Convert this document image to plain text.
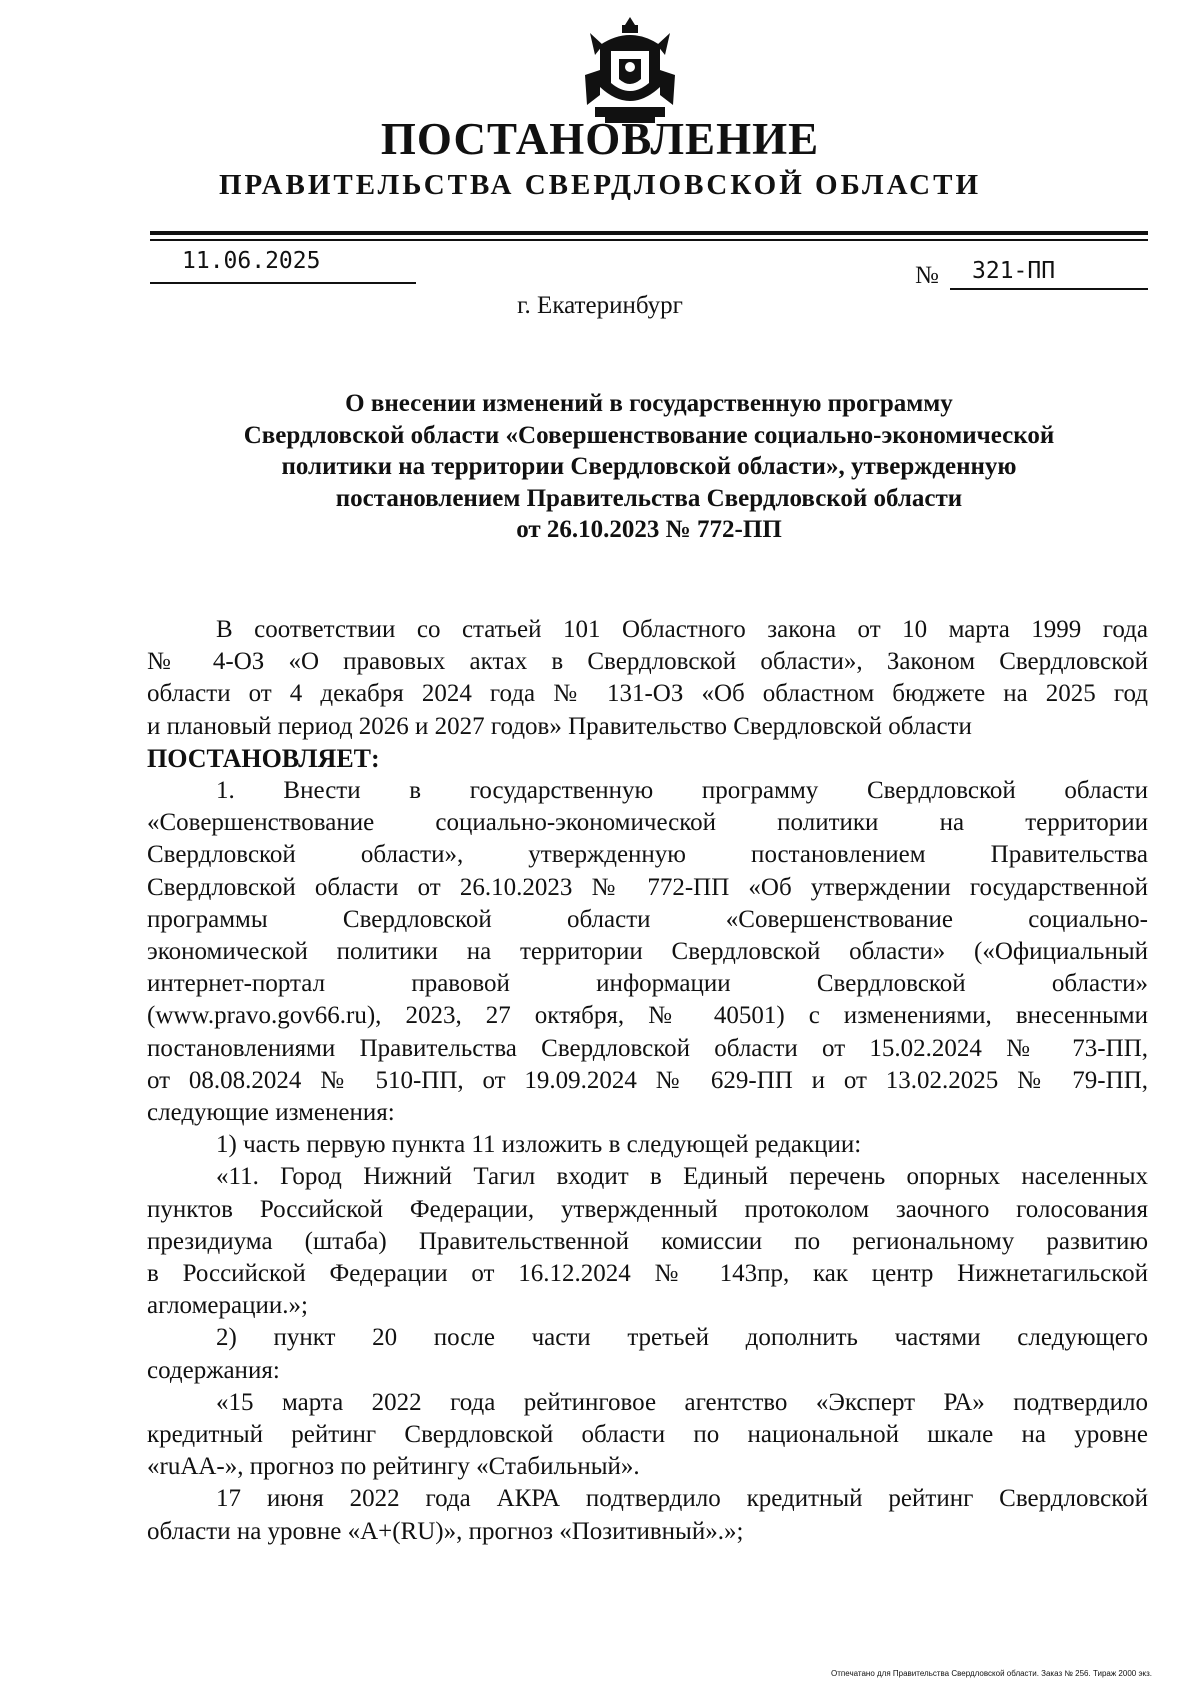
ПОСТАНОВЛЕНИЕ
ПРАВИТЕЛЬСТВА СВЕРДЛОВСКОЙ ОБЛАСТИ
11.06.2025
№ 321-ПП
г. Екатеринбург
О внесении изменений в государственную программу
Свердловской области «Совершенствование социально-экономической
политики на территории Свердловской области», утвержденную
постановлением Правительства Свердловской области
от 26.10.2023 № 772-ПП
В соответствии со статьей 101 Областного закона от 10 марта 1999 года
№ 4-ОЗ «О правовых актах в Свердловской области», Законом Свердловской
области от 4 декабря 2024 года № 131-ОЗ «Об областном бюджете на 2025 год
и плановый период 2026 и 2027 годов» Правительство Свердловской области
ПОСТАНОВЛЯЕТ:
1. Внести в государственную программу Свердловской области
«Совершенствование социально-экономической политики на территории
Свердловской области», утвержденную постановлением Правительства
Свердловской области от 26.10.2023 № 772-ПП «Об утверждении государственной
программы Свердловской области «Совершенствование социально-
экономической политики на территории Свердловской области» («Официальный
интернет-портал правовой информации Свердловской области»
(www.pravo.gov66.ru), 2023, 27 октября, № 40501) с изменениями, внесенными
постановлениями Правительства Свердловской области от 15.02.2024 № 73-ПП,
от 08.08.2024 № 510-ПП, от 19.09.2024 № 629-ПП и от 13.02.2025 № 79-ПП,
следующие изменения:
1) часть первую пункта 11 изложить в следующей редакции:
«11. Город Нижний Тагил входит в Единый перечень опорных населенных
пунктов Российской Федерации, утвержденный протоколом заочного голосования
президиума (штаба) Правительственной комиссии по региональному развитию
в Российской Федерации от 16.12.2024 № 143пр, как центр Нижнетагильской
агломерации.»;
2) пункт 20 после части третьей дополнить частями следующего
содержания:
«15 марта 2022 года рейтинговое агентство «Эксперт РА» подтвердило
кредитный рейтинг Свердловской области по национальной шкале на уровне
«ruAA-», прогноз по рейтингу «Стабильный».
17 июня 2022 года АКРА подтвердило кредитный рейтинг Свердловской
области на уровне «A+(RU)», прогноз «Позитивный».»;
Отпечатано для Правительства Свердловской области. Заказ № 256. Тираж 2000 экз.
